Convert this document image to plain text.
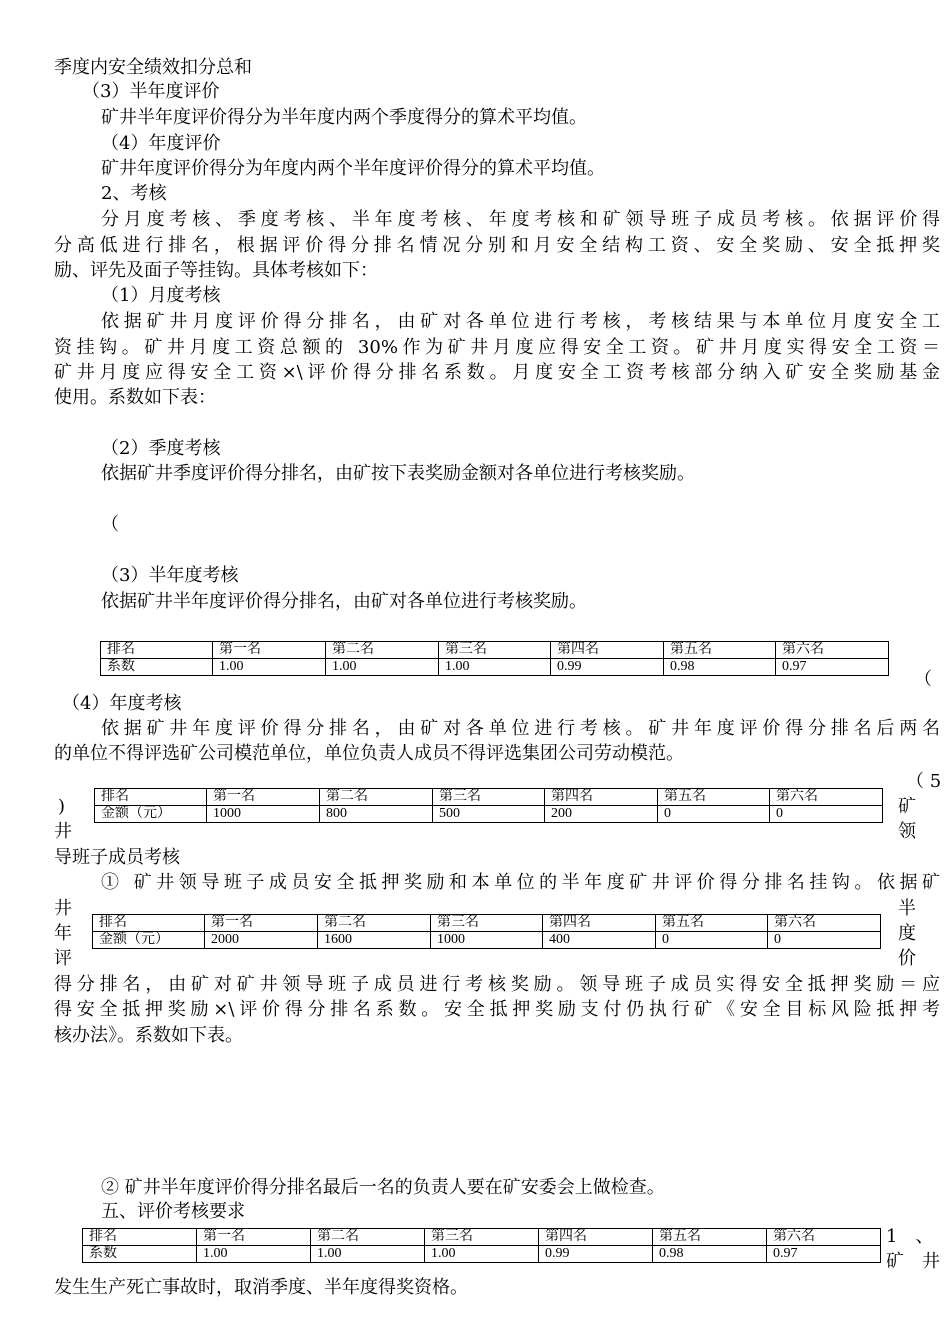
季度内安全绩效扣分总和
（3）半年度评价
矿井半年度评价得分为半年度内两个季度得分的算术平均值。
（4）年度评价
矿井年度评价得分为年度内两个半年度评价得分的算术平均值。
2、考核
分月度考核、季度考核、半年度考核、年度考核和矿领导班子成员考核。依据评价得
分高低进行排名，根据评价得分排名情况分别和月安全结构工资、安全奖励、安全抵押奖
励、评先及面子等挂钩。具体考核如下：
（1）月度考核
依据矿井月度评价得分排名，由矿对各单位进行考核，考核结果与本单位月度安全工
资挂钩。矿井月度工资总额的 30%作为矿井月度应得安全工资。矿井月度实得安全工资＝
矿井月度应得安全工资×\评价得分排名系数。月度安全工资考核部分纳入矿安全奖励基金
使用。系数如下表：
（2）季度考核
依据矿井季度评价得分排名，由矿按下表奖励金额对各单位进行考核奖励。
（
（3）半年度考核
依据矿井半年度评价得分排名，由矿对各单位进行考核奖励。
排名	第一名	第二名	第三名	第四名	第五名	第六名
系数	1.00	1.00	1.00	0.99	0.98	0.97
（
（4）年度考核
依据矿井年度评价得分排名，由矿对各单位进行考核。矿井年度评价得分排名后两名
的单位不得评选矿公司模范单位，单位负责人成员不得评选集团公司劳动模范。
（ 5
)	矿
井	领
排名	第一名	第二名	第三名	第四名	第五名	第六名
金额（元）	1000	800	500	200	0	0
导班子成员考核
① 矿井领导班子成员安全抵押奖励和本单位的半年度矿井评价得分排名挂钩。依据矿
井	半
年	度
评	价
排名	第一名	第二名	第三名	第四名	第五名	第六名
金额（元）	2000	1600	1000	400	0	0
得分排名，由矿对矿井领导班子成员进行考核奖励。领导班子成员实得安全抵押奖励＝应
得安全抵押奖励×\评价得分排名系数。安全抵押奖励支付仍执行矿《安全目标风险抵押考
核办法》。系数如下表。
② 矿井半年度评价得分排名最后一名的负责人要在矿安委会上做检查。
五、评价考核要求
排名	第一名	第二名	第三名	第四名	第五名	第六名
系数	1.00	1.00	1.00	0.99	0.98	0.97
1　、
矿　井
发生生产死亡事故时，取消季度、半年度得奖资格。
